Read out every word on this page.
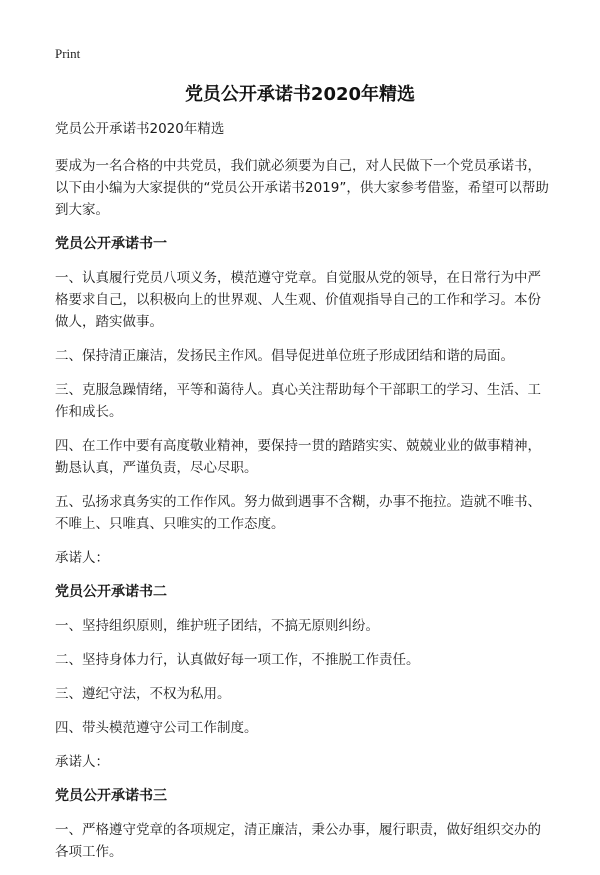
Print
党员公开承诺书2020年精选

党员公开承诺书2020年精选

要成为一名合格的中共党员，我们就必须要为自己，对人民做下一个党员承诺书，以下由小编为大家提供的“党员公开承诺书2019”，供大家参考借鉴，希望可以帮助到大家。

党员公开承诺书一

一、认真履行党员八项义务，模范遵守党章。自觉服从党的领导，在日常行为中严格要求自己，以积极向上的世界观、人生观、价值观指导自己的工作和学习。本份做人，踏实做事。

二、保持清正廉洁，发扬民主作风。倡导促进单位班子形成团结和谐的局面。

三、克服急躁情绪，平等和蔼待人。真心关注帮助每个干部职工的学习、生活、工作和成长。

四、在工作中要有高度敬业精神，要保持一贯的踏踏实实、兢兢业业的做事精神，勤恳认真，严谨负责，尽心尽职。

五、弘扬求真务实的工作作风。努力做到遇事不含糊，办事不拖拉。造就不唯书、不唯上、只唯真、只唯实的工作态度。

承诺人：

党员公开承诺书二

一、坚持组织原则，维护班子团结，不搞无原则纠纷。

二、坚持身体力行，认真做好每一项工作，不推脱工作责任。

三、遵纪守法，不权为私用。

四、带头模范遵守公司工作制度。

承诺人：

党员公开承诺书三

一、严格遵守党章的各项规定，清正廉洁，秉公办事，履行职责，做好组织交办的各项工作。
